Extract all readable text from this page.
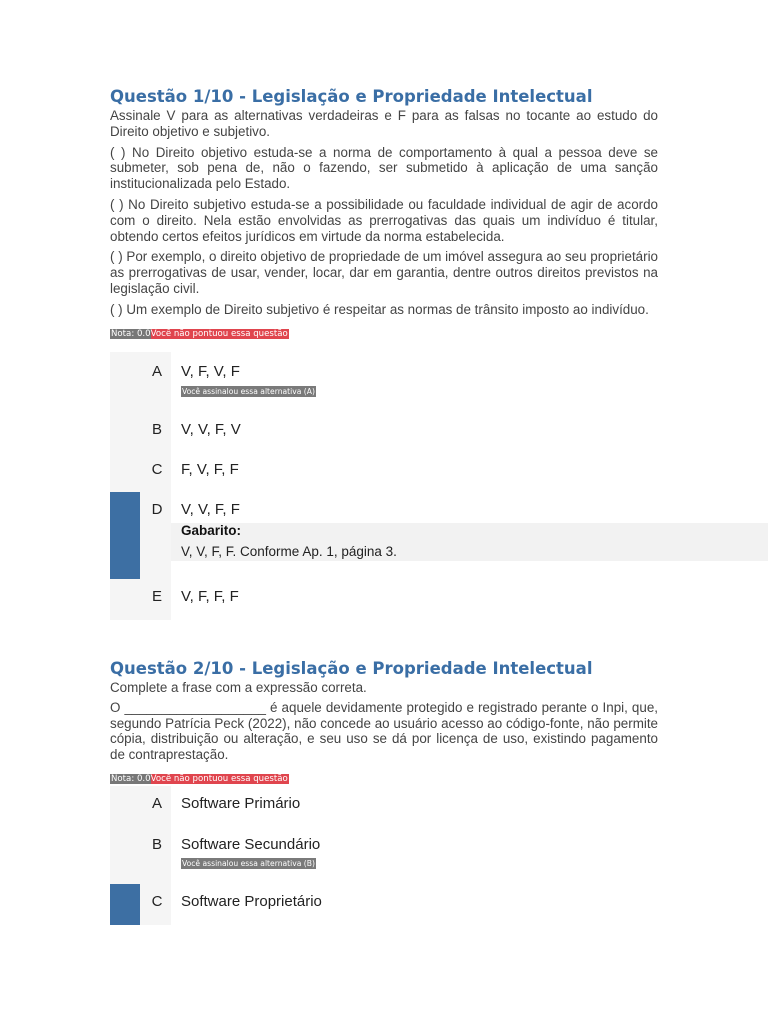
Questão 1/10 - Legislação e Propriedade Intelectual

Assinale V para as alternativas verdadeiras e F para as falsas no tocante ao estudo do Direito objetivo e subjetivo.

( ) No Direito objetivo estuda-se a norma de comportamento à qual a pessoa deve se submeter, sob pena de, não o fazendo, ser submetido à aplicação de uma sanção institucionalizada pelo Estado.

( ) No Direito subjetivo estuda-se a possibilidade ou faculdade individual de agir de acordo com o direito. Nela estão envolvidas as prerrogativas das quais um indivíduo é titular, obtendo certos efeitos jurídicos em virtude da norma estabelecida.

( ) Por exemplo, o direito objetivo de propriedade de um imóvel assegura ao seu proprietário as prerrogativas de usar, vender, locar, dar em garantia, dentre outros direitos previstos na legislação civil.

( ) Um exemplo de Direito subjetivo é respeitar as normas de trânsito imposto ao indivíduo.

Nota: 0.0Você não pontuou essa questão
A V, F, V, F
Você assinalou essa alternativa (A)
B V, V, F, V
C F, V, F, F
D V, V, F, F
Gabarito:
V, V, F, F. Conforme Ap. 1, página 3.
E V, F, F, F
Questão 2/10 - Legislação e Propriedade Intelectual

Complete a frase com a expressão correta.

O ___________________ é aquele devidamente protegido e registrado perante o Inpi, que, segundo Patrícia Peck (2022), não concede ao usuário acesso ao código-fonte, não permite cópia, distribuição ou alteração, e seu uso se dá por licença de uso, existindo pagamento de contraprestação.

Nota: 0.0Você não pontuou essa questão
A Software Primário
B Software Secundário
Você assinalou essa alternativa (B)
C Software Proprietário
